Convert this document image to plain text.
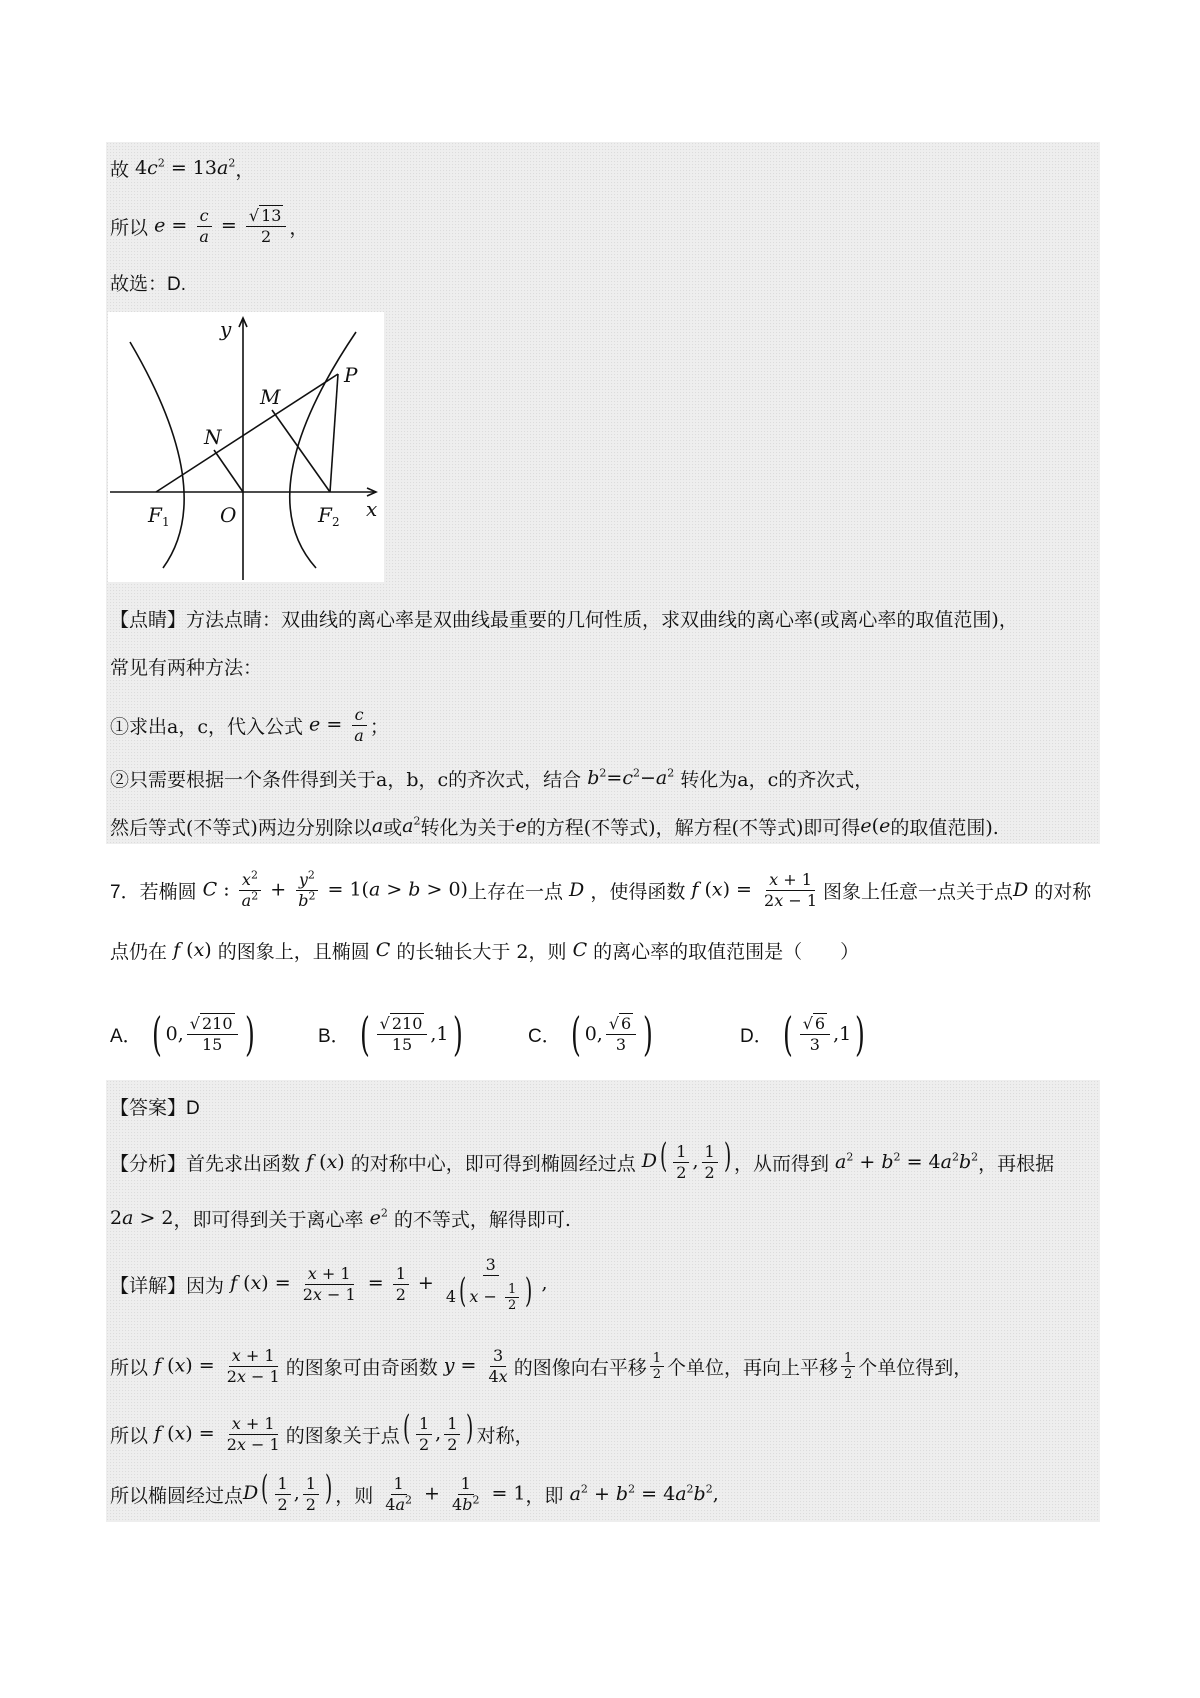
故 $4c^2 = 13a^2$ ，
所以 $e = \frac{c}{a} = \frac{√ 13}{2}$ ，
故选：D.
y
x
P
M
N
O
F	F
1	2
【点睛】方法点睛：双曲线的离心率是双曲线最重要的几何性质，求双曲线的离心率(或离心率的取值范围)，
常见有两种方法：
①求出 a，c，代入公式 $e = \frac{c}{a}$ ；
②只需要根据一个条件得到关于 a，b，c 的齐次式，结合 $b^2=c^2-a^2$ 转化为 a，c 的齐次式，
然后等式(不等式)两边分别除以 a 或 $a^2$ 转化为关于 e 的方程(不等式)，解方程(不等式)即可得 e(e 的取值范围).
7． 若椭圆 C : $\frac{x^2}{a^2} + \frac{y^2}{b^2} = 1(a > b > 0)$ 上存在一点 D ，使得函数 f $(x) = \frac{x + 1}{2x - 1}$ 图象上任意一点关于点 D 的对称
点仍在 f (x) 的图象上，且椭圆 C 的长轴长大于 2，则 C 的离心率的取值范围是（　　）
A． ( 0, $\frac{√ 210}{15}$ )	B． ( $\frac{√ 210}{15} ,1$ )	C． ( 0, $\frac{√ 6}{3}$ )	D． ( $\frac{√ 6}{3} ,1$ )
【答案】D
【分析】首先求出函数 f (x) 的对称中心，即可得到椭圆经过点 $D( \frac{1}{2}$ , $\frac{1}{2}$ ) ，从而得到 $a^2 + b^2 = 4a^2b^2$ ，再根据
2a > 2 ，即可得到关于离心率 $e^2$ 的不等式，解得即可.
【详解】因为 f $(x) = \frac{x + 1}{2x - 1} = \frac{1}{2} + \frac{3}{4( x - \frac{1}{2} )}$ ,
所以 f $(x) = \frac{x + 1}{2x - 1}$ 的图象可由奇函数 $y = \frac{3}{4x}$ 的图像向右平移 $\frac{1}{2}$ 个单位，再向上平移 $\frac{1}{2}$ 个单位得到，
所以 f $(x) = \frac{x + 1}{2x - 1}$ 的图象关于点 ( $\frac{1}{2}$ , $\frac{1}{2}$ ) 对称，
所以椭圆经过点 $D( \frac{1}{2}$ , $\frac{1}{2}$ ) ，则
$\frac{1}{4a^2} + \frac{1}{4b^2} = 1$ ，即 $a^2 + b^2 = 4a^2b^2$,
